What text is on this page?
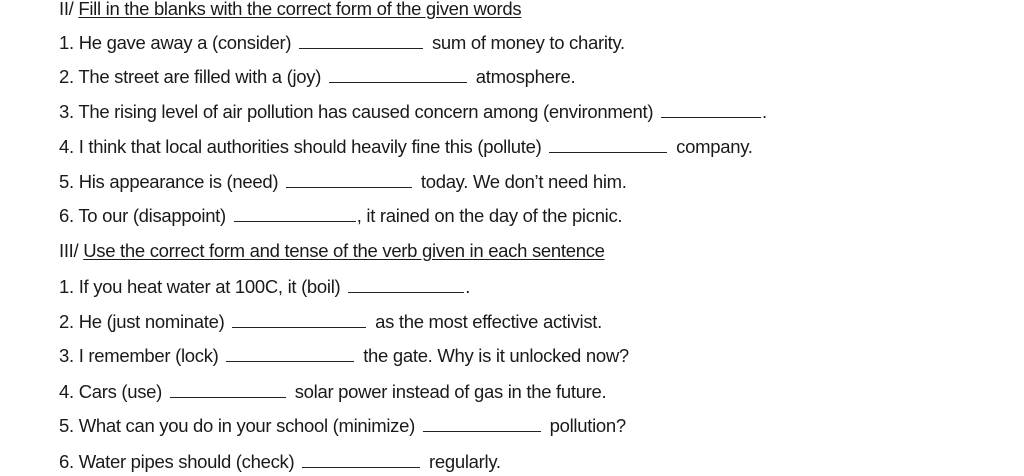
II/ Fill in the blanks with the correct form of the given words
1. He gave away a (consider)	sum of money to charity.
2. The street are filled with a (joy)	atmosphere.
3. The rising level of air pollution has caused concern among (environment)	.
4. I think that local authorities should heavily fine this (pollute)	company.
5. His appearance is (need)	today. We don’t need him.
6. To our (disappoint)	, it rained on the day of the picnic.
III/ Use the correct form and tense of the verb given in each sentence
1. If you heat water at 100C, it (boil)	.
2. He (just nominate)	as the most effective activist.
3. I remember (lock)	the gate. Why is it unlocked now?
4. Cars (use)	solar power instead of gas in the future.
5. What can you do in your school (minimize)	pollution?
6. Water pipes should (check)	regularly.
